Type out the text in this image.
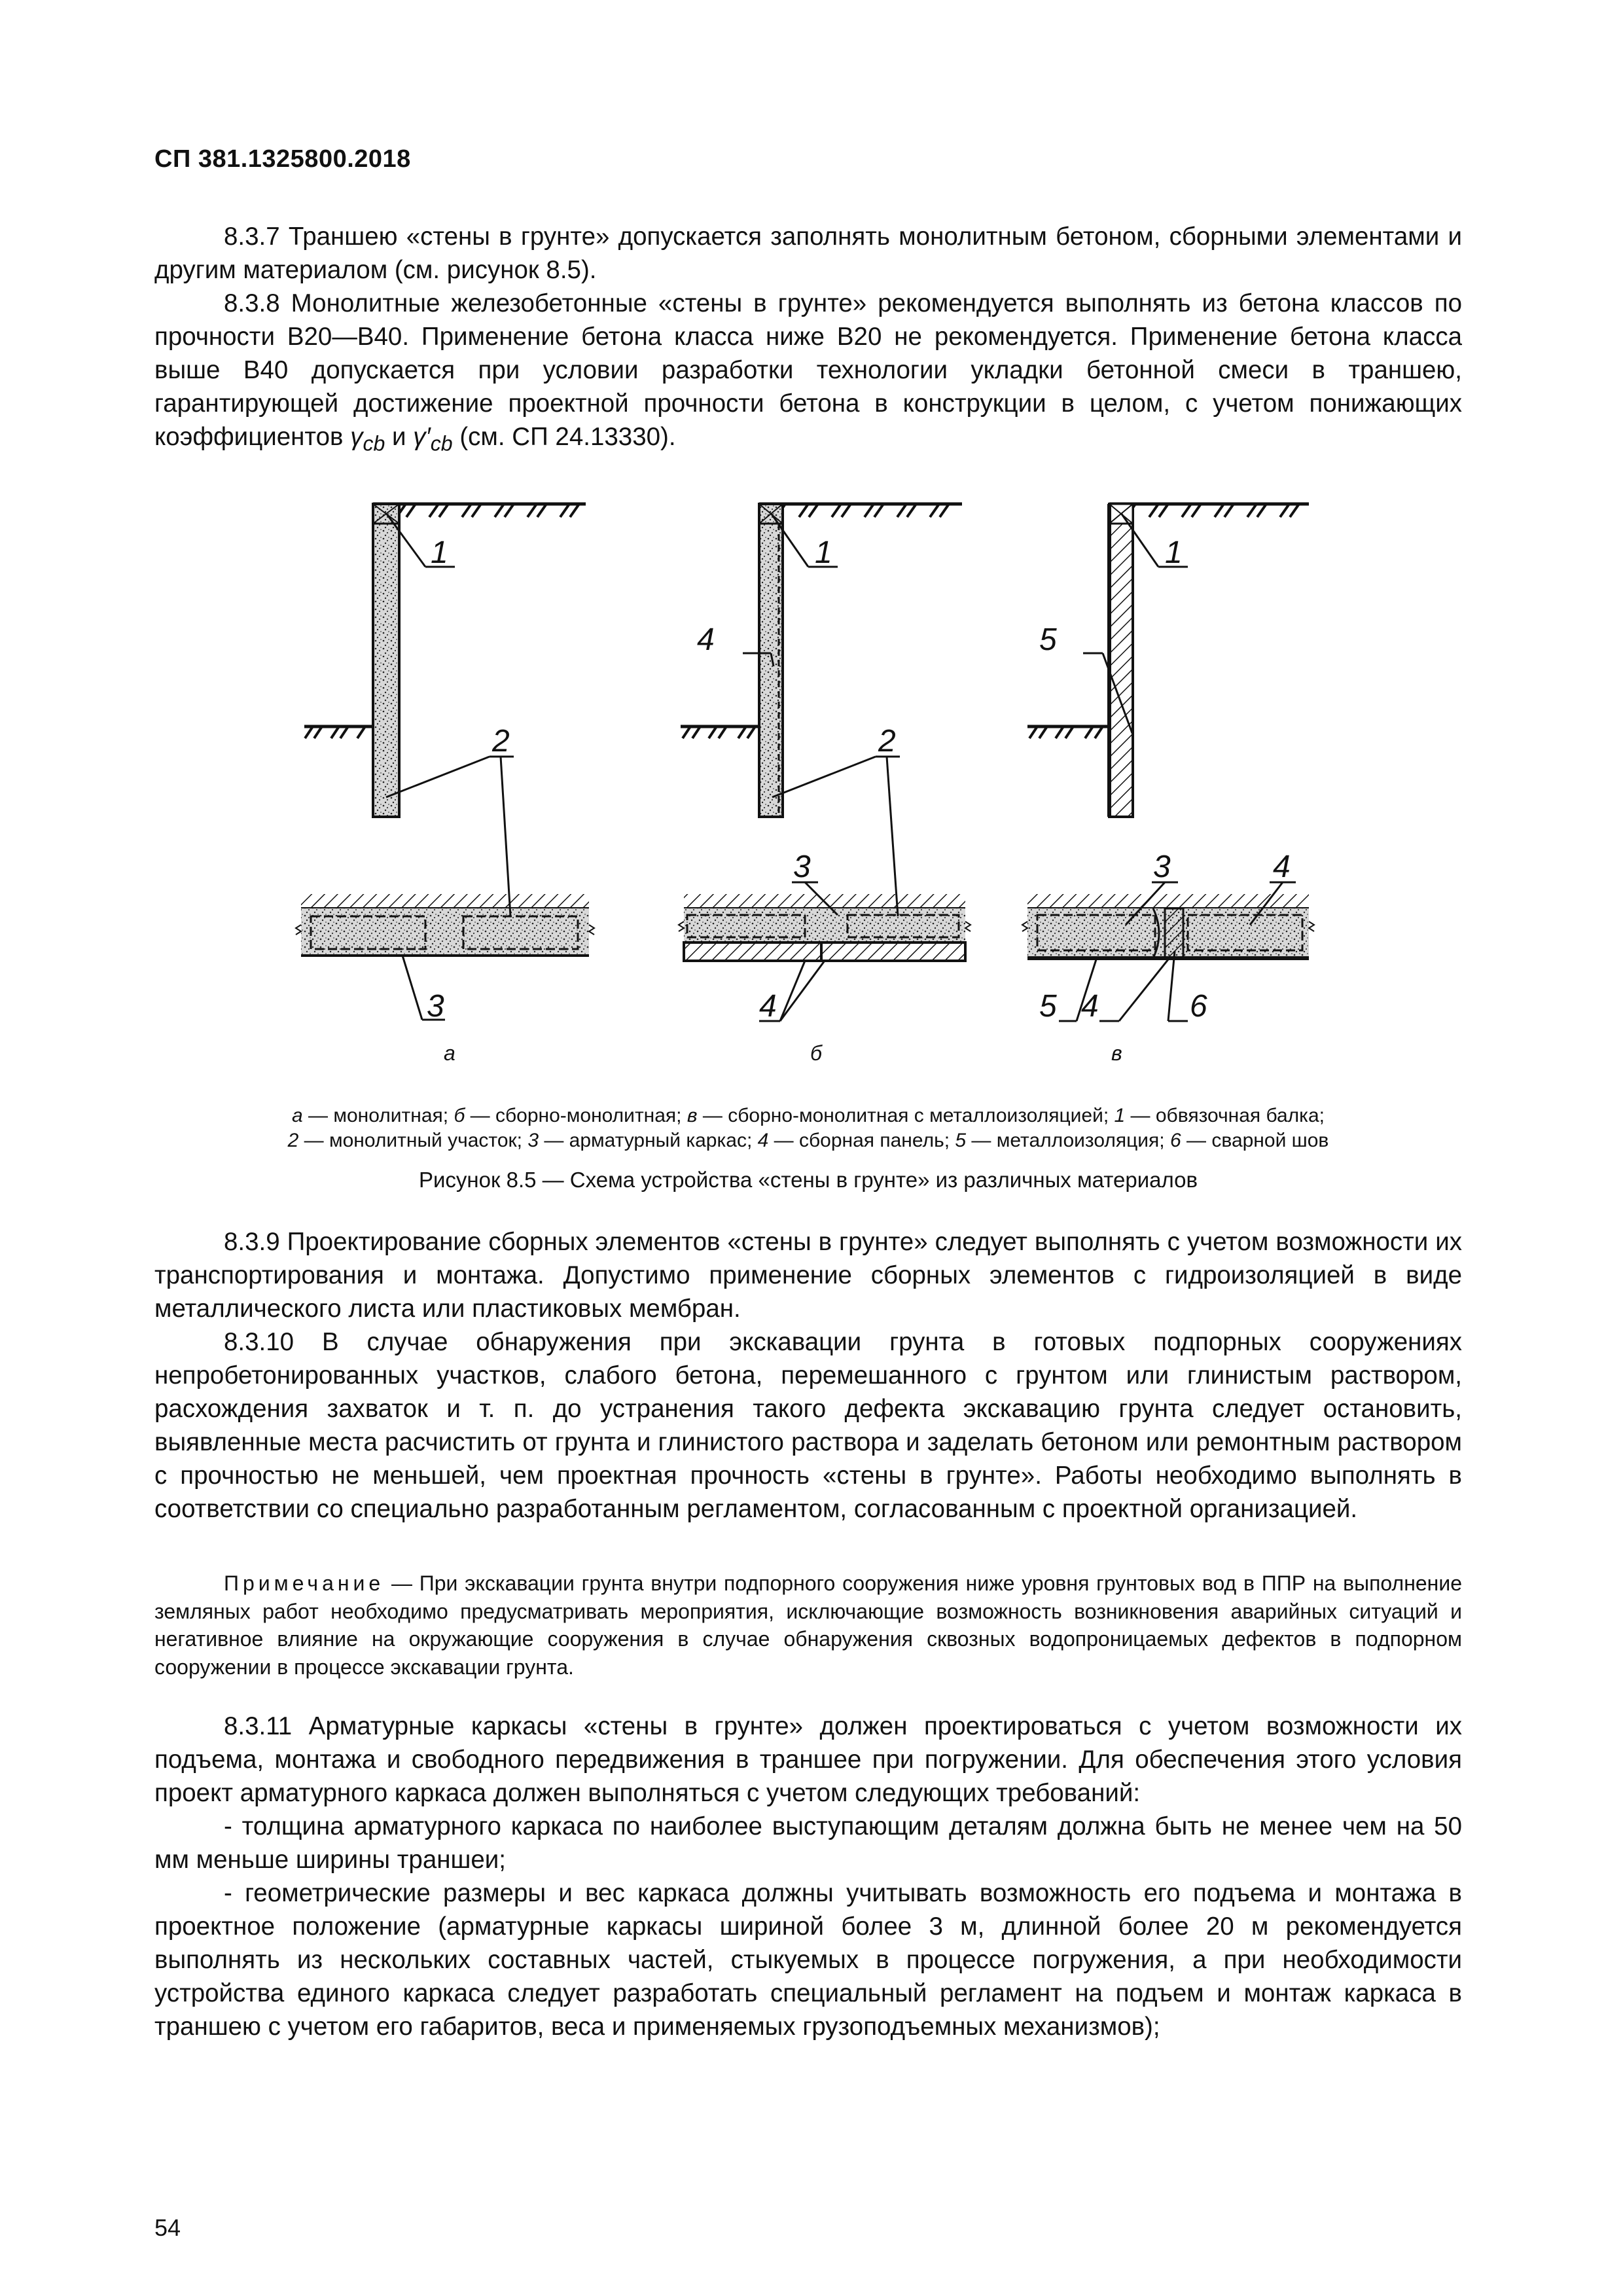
СП 381.1325800.2018

8.3.7 Траншею «стены в грунте» допускается заполнять монолитным бетоном, сборными элементами и другим материалом (см. рисунок 8.5).

8.3.8 Монолитные железобетонные «стены в грунте» рекомендуется выполнять из бетона классов по прочности В20—В40. Применение бетона класса ниже В20 не рекомендуется. Применение бетона класса выше В40 допускается при условии разработки технологии укладки бетонной смеси в траншею, гарантирующей достижение проектной прочности бетона в конструкции в целом, с учетом понижающих коэффициентов $\gamma_{cb}$ и $\gamma'_{cb}$ (см. СП 24.13330).

1	1	1
2	2
4	5
3
3
4
3	4
5 4	6
а	б	в
а — монолитная; б — сборно-монолитная; в — сборно-монолитная с металлоизоляцией; 1 — обвязочная балка;
2 — монолитный участок; 3 — арматурный каркас; 4 — сборная панель; 5 — металлоизоляция; 6 — сварной шов
Рисунок 8.5 — Схема устройства «стены в грунте» из различных материалов

8.3.9 Проектирование сборных элементов «стены в грунте» следует выполнять с учетом возможности их транспортирования и монтажа. Допустимо применение сборных элементов с гидроизоляцией в виде металлического листа или пластиковых мембран.

8.3.10 В случае обнаружения при экскавации грунта в готовых подпорных сооружениях непробетонированных участков, слабого бетона, перемешанного с грунтом или глинистым раствором, расхождения захваток и т. п. до устранения такого дефекта экскавацию грунта следует остановить, выявленные места расчистить от грунта и глинистого раствора и заделать бетоном или ремонтным раствором с прочностью не меньшей, чем проектная прочность «стены в грунте». Работы необходимо выполнять в соответствии со специально разработанным регламентом, согласованным с проектной организацией.

Примечание — При экскавации грунта внутри подпорного сооружения ниже уровня грунтовых вод в ППР на выполнение земляных работ необходимо предусматривать мероприятия, исключающие возможность возникновения аварийных ситуаций и негативное влияние на окружающие сооружения в случае обнаружения сквозных водопроницаемых дефектов в подпорном сооружении в процессе экскавации грунта.

8.3.11 Арматурные каркасы «стены в грунте» должен проектироваться с учетом возможности их подъема, монтажа и свободного передвижения в траншее при погружении. Для обеспечения этого условия проект арматурного каркаса должен выполняться с учетом следующих требований:

- толщина арматурного каркаса по наиболее выступающим деталям должна быть не менее чем на 50 мм меньше ширины траншеи;

- геометрические размеры и вес каркаса должны учитывать возможность его подъема и монтажа в проектное положение (арматурные каркасы шириной более 3 м, длинной более 20 м рекомендуется выполнять из нескольких составных частей, стыкуемых в процессе погружения, а при необходимости устройства единого каркаса следует разработать специальный регламент на подъем и монтаж каркаса в траншею с учетом его габаритов, веса и применяемых грузоподъемных механизмов);

54
